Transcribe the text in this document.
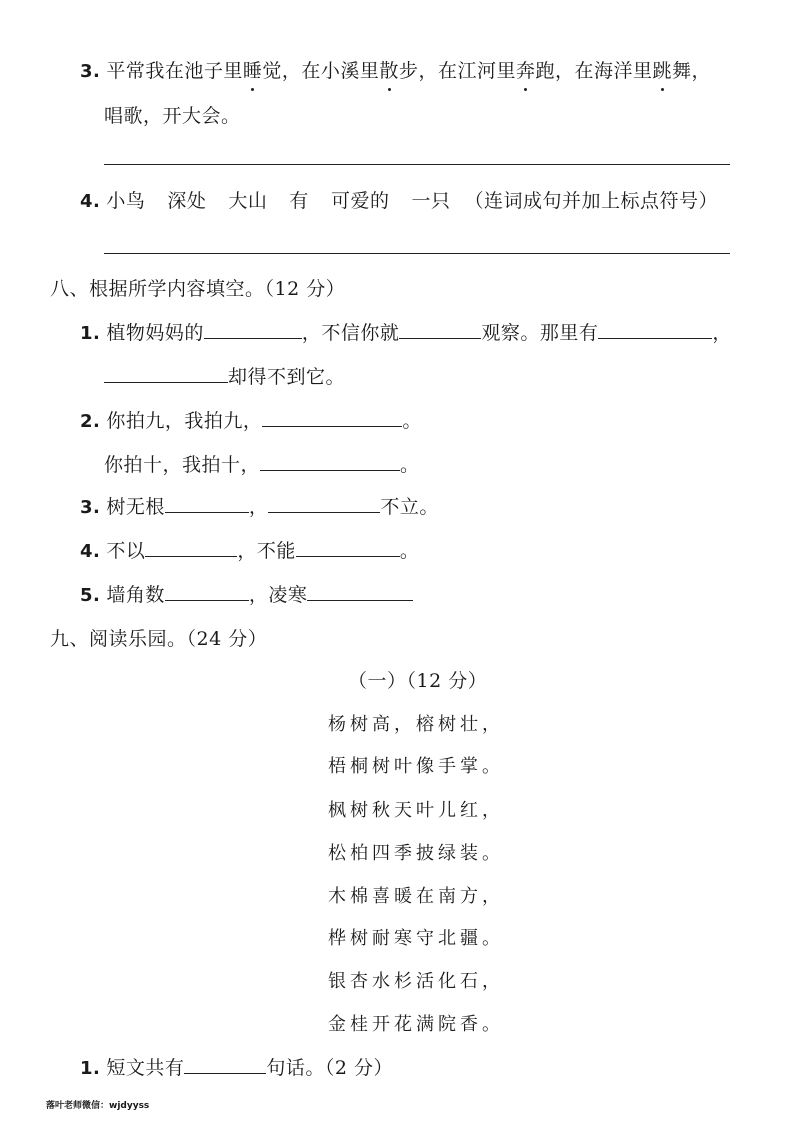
3. 平常我在池子里睡觉，在小溪里散步，在江河里奔跑，在海洋里跳舞，
唱歌，开大会。
4. 小鸟 深处 大山 有 可爱的 一只 （连词成句并加上标点符号）
八、根据所学内容填空。（12 分）
1. 植物妈妈的	，不信你就	观察。那里有	，
却得不到它。
2. 你拍九，我拍九，	。
你拍十，我拍十，	。
3. 树无根	，	不立。
4. 不以	，不能	。
5. 墙角数	，凌寒
九、阅读乐园。（24 分）
（一）（12 分）
杨树高，榕树壮，
梧桐树叶像手掌。
枫树秋天叶儿红，
松柏四季披绿装。
木棉喜暖在南方，
桦树耐寒守北疆。
银杏水杉活化石，
金桂开花满院香。
1. 短文共有	句话。（2 分）
落叶老师微信：wjdyyss
